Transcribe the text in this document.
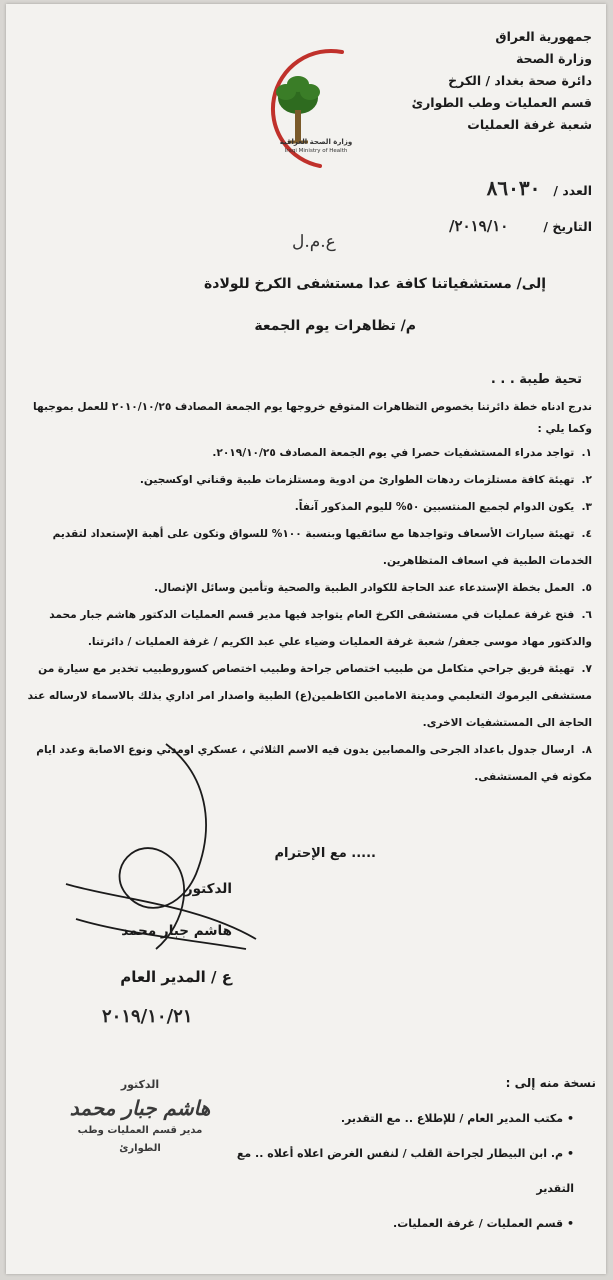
وزارة الصحة العراقية
Iraqi Ministry of Health
جمهورية العراق
وزارة الصحة
دائرة صحة بغداد / الكرخ
قسم العمليات وطب الطوارئ
شعبة غرفة العمليات
العدد / ٨٦٠٣٠
التاريخ / ٢٠١٩/١٠/
ع.م.ل
إلى/ مستشفياتنا كافة عدا مستشفى الكرخ للولادة
م/ تظاهرات يوم الجمعة
تحية طيبة . . .

ندرج ادناه خطة دائرتنا بخصوص التظاهرات المتوقع خروجها يوم الجمعة المصادف ٢٠١٠/١٠/٢٥ للعمل بموجبها وكما يلي :

١. تواجد مدراء المستشفيات حصرا في يوم الجمعة المصادف ٢٠١٩/١٠/٢٥.

٢. تهيئة كافة مستلزمات ردهات الطوارئ من ادوية ومستلزمات طبية وقناني اوكسجين.

٣. يكون الدوام لجميع المنتسبين ٥٠% لليوم المذكور آنفاً.

٤. تهيئة سيارات الأسعاف وتواجدها مع سائقيها وبنسبة ١٠٠% للسواق وتكون على أهبة الإستعداد لتقديم الخدمات الطبية في اسعاف المتظاهرين.

٥. العمل بخطة الإستدعاء عند الحاجة للكوادر الطبية والصحية وتأمين وسائل الإتصال.

٦. فتح غرفة عمليات في مستشفى الكرخ العام يتواجد فيها مدير قسم العمليات الدكتور هاشم جبار محمد والدكتور مهاد موسى جعفر/ شعبة غرفة العمليات وضياء علي عبد الكريم / غرفة العمليات / دائرتنا.

٧. تهيئة فريق جراحي متكامل من طبيب اختصاص جراحة وطبيب اختصاص كسوروطبيب تخدير مع سيارة من مستشفى اليرموك التعليمي ومدينة الامامين الكاظمين(ع) الطبية واصدار امر اداري بذلك بالاسماء لارساله عند الحاجة الى المستشفيات الاخرى.

٨. ارسال جدول باعداد الجرحى والمصابين يدون فيه الاسم الثلاثي ، عسكري اومدني ونوع الاصابة وعدد ايام مكوثه في المستشفى.

..... مع الإحترام
الدكتور
هاشم جبار محمد
ع / المدير العام
٢٠١٩/١٠/٢١
نسخة منه إلى :
• مكتب المدير العام / للإطلاع .. مع التقدير.
• م. ابن البيطار لجراحة القلب / لنفس الغرض اعلاه أعلاه .. مع التقدير
• قسم العمليات / غرفة العمليات.
الدكتور
هاشم جبار محمد
مدير قسم العمليات وطب الطوارئ
